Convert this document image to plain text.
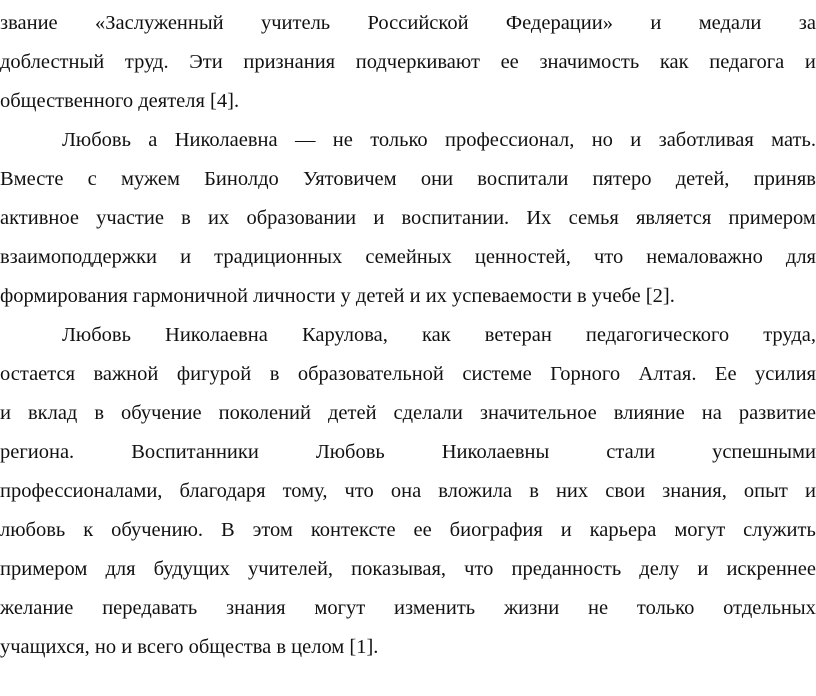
звание «Заслуженный учитель Российской Федерации» и медали за
доблестный труд. Эти признания подчеркивают ее значимость как педагога и
общественного деятеля [4].
Любовь а Николаевна — не только профессионал, но и заботливая мать.
Вместе с мужем Бинолдо Уятовичем они воспитали пятеро детей, приняв
активное участие в их образовании и воспитании. Их семья является примером
взаимоподдержки и традиционных семейных ценностей, что немаловажно для
формирования гармоничной личности у детей и их успеваемости в учебе [2].
Любовь Николаевна Карулова, как ветеран педагогического труда,
остается важной фигурой в образовательной системе Горного Алтая. Ее усилия
и вклад в обучение поколений детей сделали значительное влияние на развитие
региона.	Воспитанники	Любовь	Николаевны	стали	успешными
профессионалами, благодаря тому, что она вложила в них свои знания, опыт и
любовь к обучению. В этом контексте ее биография и карьера могут служить
примером для будущих учителей, показывая, что преданность делу и искреннее
желание передавать знания могут изменить жизни не только отдельных
учащихся, но и всего общества в целом [1].
